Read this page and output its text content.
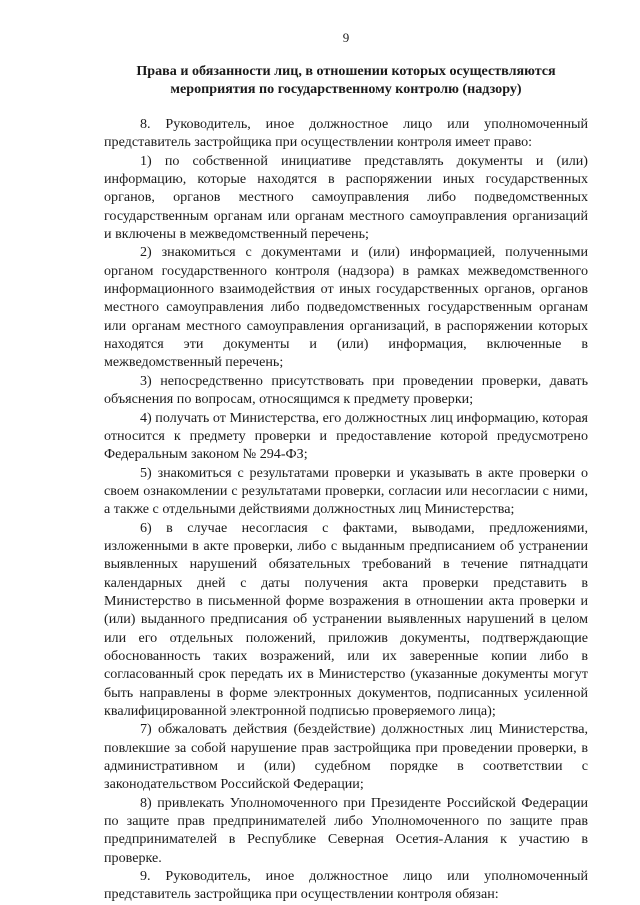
9
Права и обязанности лиц, в отношении которых осуществляются
мероприятия по государственному контролю (надзору)

8. Руководитель, иное должностное лицо или уполномоченный представитель застройщика при осуществлении контроля имеет право:

1) по собственной инициативе представлять документы и (или) информацию, которые находятся в распоряжении иных государственных органов, органов местного самоуправления либо подведомственных государственным органам или органам местного самоуправления организаций и включены в межведомственный перечень;

2) знакомиться с документами и (или) информацией, полученными органом государственного контроля (надзора) в рамках межведомственного информационного взаимодействия от иных государственных органов, органов местного самоуправления либо подведомственных государственным органам или органам местного самоуправления организаций, в распоряжении которых находятся эти документы и (или) информация, включенные в межведомственный перечень;

3) непосредственно присутствовать при проведении проверки, давать объяснения по вопросам, относящимся к предмету проверки;

4) получать от Министерства, его должностных лиц информацию, которая относится к предмету проверки и предоставление которой предусмотрено Федеральным законом № 294-ФЗ;

5) знакомиться с результатами проверки и указывать в акте проверки о своем ознакомлении с результатами проверки, согласии или несогласии с ними, а также с отдельными действиями должностных лиц Министерства;

6) в случае несогласия с фактами, выводами, предложениями, изложенными в акте проверки, либо с выданным предписанием об устранении выявленных нарушений обязательных требований в течение пятнадцати календарных дней с даты получения акта проверки представить в Министерство в письменной форме возражения в отношении акта проверки и (или) выданного предписания об устранении выявленных нарушений в целом или его отдельных положений, приложив документы, подтверждающие обоснованность таких возражений, или их заверенные копии либо в согласованный срок передать их в Министерство (указанные документы могут быть направлены в форме электронных документов, подписанных усиленной квалифицированной электронной подписью проверяемого лица);

7) обжаловать действия (бездействие) должностных лиц Министерства, повлекшие за собой нарушение прав застройщика при проведении проверки, в административном и (или) судебном порядке в соответствии с законодательством Российской Федерации;

8) привлекать Уполномоченного при Президенте Российской Федерации по защите прав предпринимателей либо Уполномоченного по защите прав предпринимателей в Республике Северная Осетия-Алания к участию в проверке.

9. Руководитель, иное должностное лицо или уполномоченный представитель застройщика при осуществлении контроля обязан:
